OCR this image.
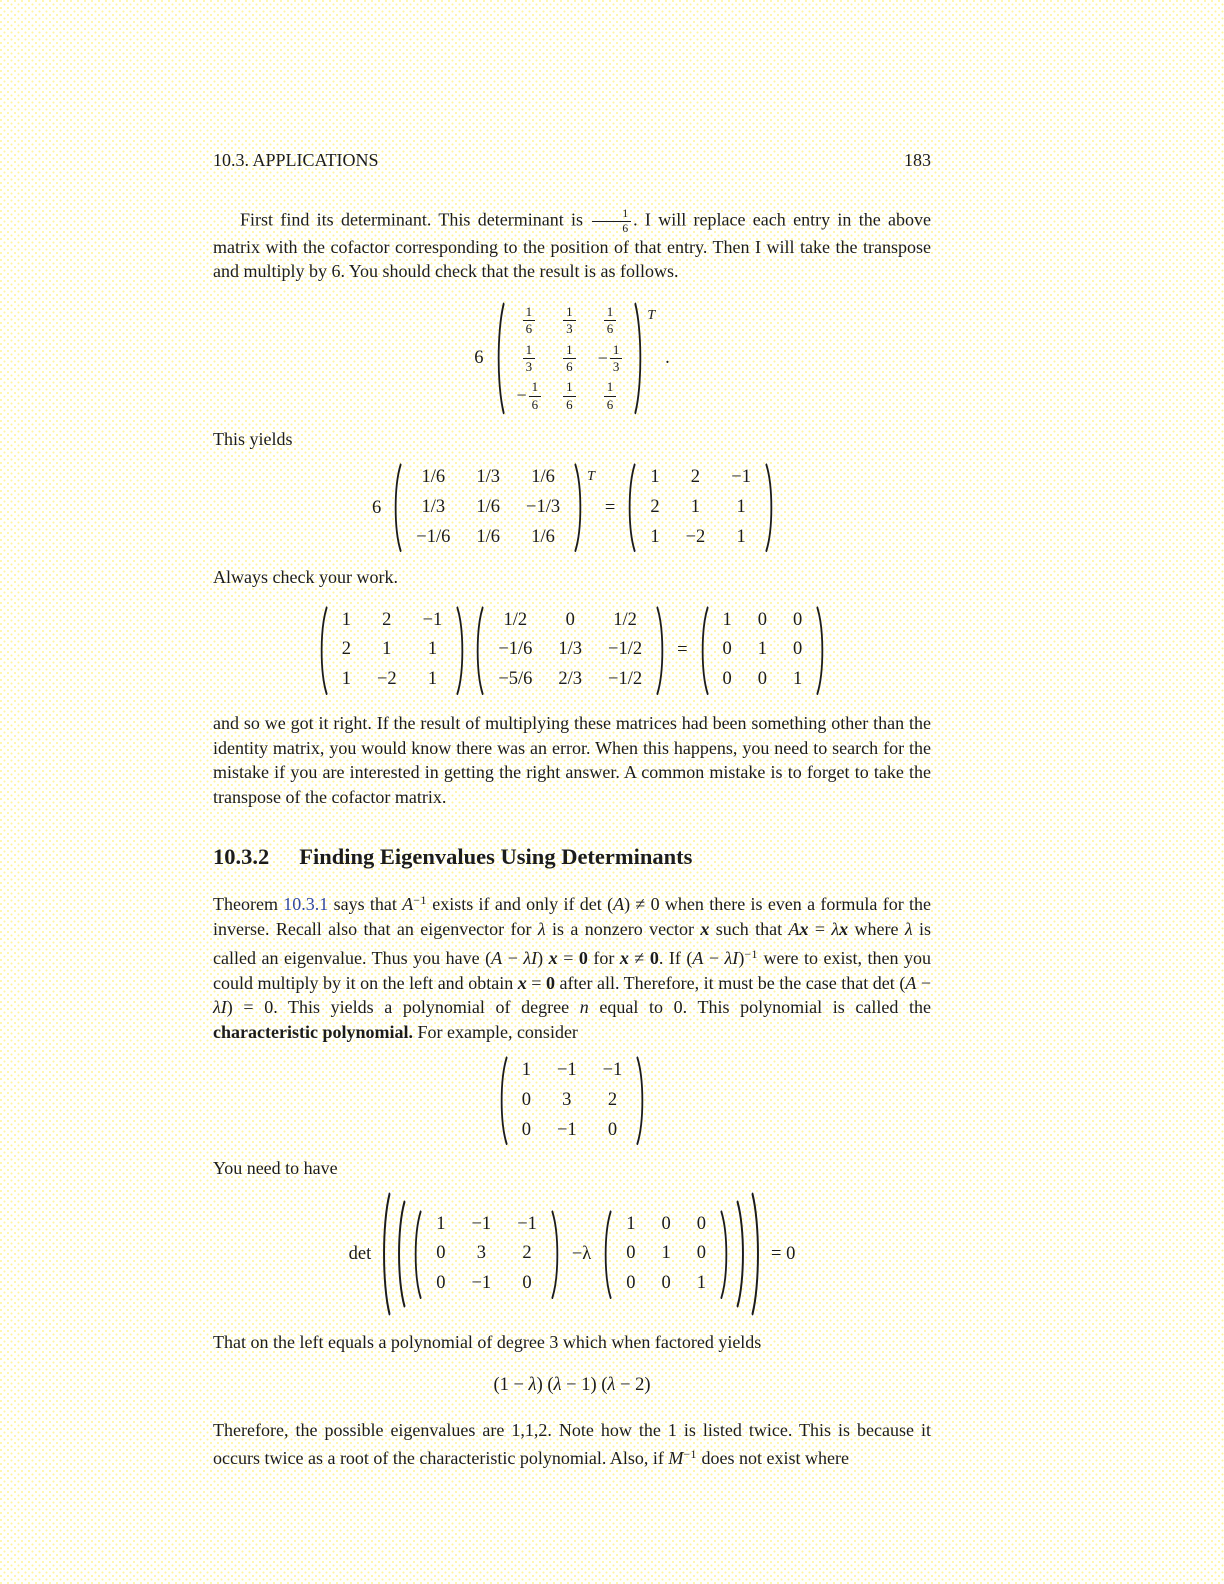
10.3. APPLICATIONS	183

First find its determinant. This determinant is $\frac{1}{6}$ . I will replace each entry in the above matrix with the cofactor corresponding to the position of that entry. Then I will take the transpose and multiply by 6. You should check that the result is as follows.

6
$\frac{1}{6}$	$\frac{1}{3}$	$\frac{1}{6}$

$\frac{1}{3}$	$\frac{1}{6}$	− $\frac{1}{3}$

− $\frac{1}{6}$	$\frac{1}{6}$	$\frac{1}{6}$
T
.

This yields

6
1/6	1/3	1/6
1/3	1/6	−1/3
−1/6	1/6	1/6
T
=
1	2	−1
2	1	1
1	−2	1

Always check your work.

1	2	−1
2	1	1
1	−2	1
1/2	0	1/2
−1/6	1/3	−1/2
−5/6	2/3	−1/2
=
1	0	0
0	1	0
0	0	1

and so we got it right. If the result of multiplying these matrices had been something other than the identity matrix, you would know there was an error. When this happens, you need to search for the mistake if you are interested in getting the right answer. A common mistake is to forget to take the transpose of the cofactor matrix.

10.3.2 Finding Eigenvalues Using Determinants

Theorem 10.3.1 says that $A^{-1}$ exists if and only if det (A) ≠ 0 when there is even a formula for the inverse. Recall also that an eigenvector for λ is a nonzero vector x such that Ax = λx where λ is called an eigenvalue. Thus you have (A − λI) x = 0 for x ≠ 0. If $(A - \lambda I)^{-1}$ were to exist, then you could multiply by it on the left and obtain x = 0 after all. Therefore, it must be the case that det (A − λI) = 0. This yields a polynomial of degree n equal to 0. This polynomial is called the characteristic polynomial. For example, consider

1	−1	−1
0	3	2
0	−1	0

You need to have

det
1	−1	−1
0	3	2
0	−1	0
−λ
1	0	0
0	1	0
0	0	1
= 0

That on the left equals a polynomial of degree 3 which when factored yields

(1 − λ) (λ − 1) (λ − 2)

Therefore, the possible eigenvalues are 1,1,2. Note how the 1 is listed twice. This is because it occurs twice as a root of the characteristic polynomial. Also, if $M^{-1}$ does not exist where
